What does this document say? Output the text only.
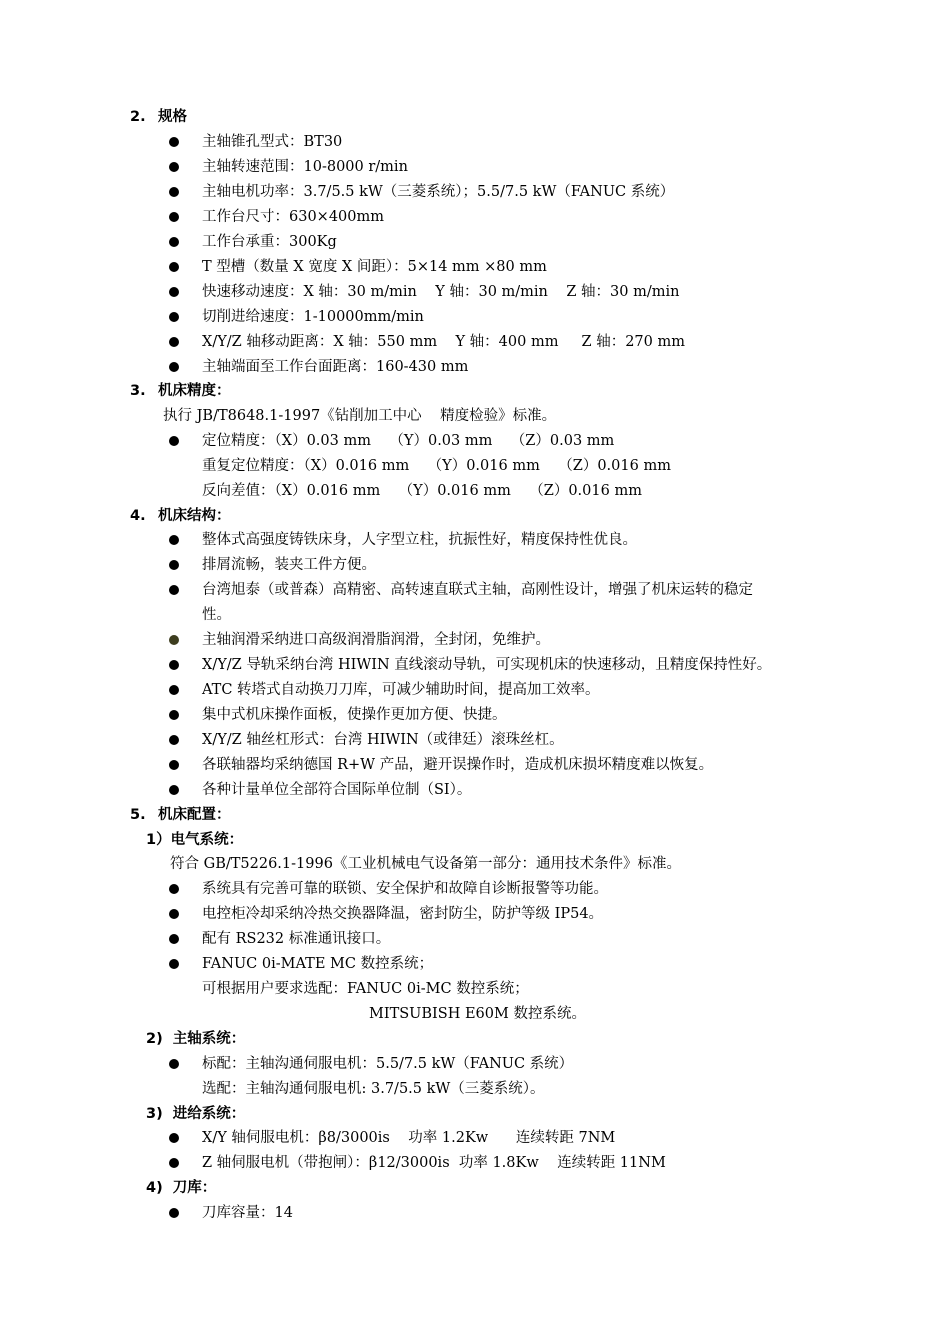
2. 规格
主轴锥孔型式：BT30
主轴转速范围：10-8000 r/min
主轴电机功率：3.7/5.5 kW（三菱系统）；5.5/7.5 kW（FANUC 系统）
工作台尺寸：630×400mm
工作台承重：300Kg
T 型槽（数量 X 宽度 X 间距）：5×14 mm ×80 mm
快速移动速度：X 轴：30 m/min    Y 轴：30 m/min    Z 轴：30 m/min
切削进给速度：1-10000mm/min
X/Y/Z 轴移动距离：X 轴：550 mm    Y 轴：400 mm     Z 轴：270 mm
主轴端面至工作台面距离：160-430 mm
3. 机床精度：
执行 JB/T8648.1-1997《钻削加工中心    精度检验》标准。
定位精度：（X）0.03 mm    （Y）0.03 mm    （Z）0.03 mm
重复定位精度：（X）0.016 mm    （Y）0.016 mm    （Z）0.016 mm
反向差值：（X）0.016 mm    （Y）0.016 mm    （Z）0.016 mm
4. 机床结构：
整体式高强度铸铁床身，人字型立柱，抗振性好，精度保持性优良。
排屑流畅，装夹工件方便。
台湾旭泰（或普森）高精密、高转速直联式主轴，高刚性设计，增强了机床运转的稳定
性。
主轴润滑采纳进口高级润滑脂润滑，全封闭，免维护。
X/Y/Z 导轨采纳台湾 HIWIN 直线滚动导轨，可实现机床的快速移动，且精度保持性好。
ATC 转塔式自动换刀刀库，可减少辅助时间，提高加工效率。
集中式机床操作面板，使操作更加方便、快捷。
X/Y/Z 轴丝杠形式：台湾 HIWIN（或律廷）滚珠丝杠。
各联轴器均采纳德国 R+W 产品，避开误操作时，造成机床损坏精度难以恢复。
各种计量单位全部符合国际单位制（SI）。
5. 机床配置：
1）电气系统：
符合 GB/T5226.1-1996《工业机械电气设备第一部分：通用技术条件》标准。
系统具有完善可靠的联锁、安全保护和故障自诊断报警等功能。
电控柜冷却采纳冷热交换器降温，密封防尘，防护等级 IP54。
配有 RS232 标准通讯接口。
FANUC 0i-MATE MC 数控系统；
可根据用户要求选配：FANUC 0i-MC 数控系统；
MITSUBISH E60M 数控系统。
2)  主轴系统：
标配：主轴沟通伺服电机：5.5/7.5 kW（FANUC 系统）
选配：主轴沟通伺服电机: 3.7/5.5 kW（三菱系统）。
3)  进给系统：
X/Y 轴伺服电机：β8/3000is    功率 1.2Kw      连续转距 7NM
Z 轴伺服电机（带抱闸）：β12/3000is  功率 1.8Kw    连续转距 11NM
4)  刀库：
刀库容量：14
